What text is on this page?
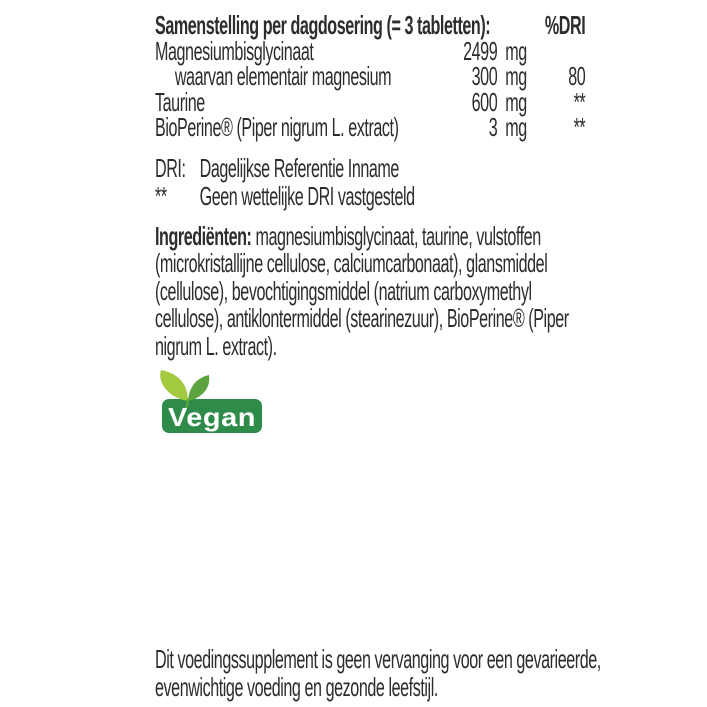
Samenstelling per dagdosering (= 3 tabletten):	%DRI
Magnesiumbisglycinaat	2499 mg
waarvan elementair magnesium	300 mg	80
Taurine	600 mg	**
BioPerine® (Piper nigrum L. extract)	3 mg	**
DRI: Dagelijkse Referentie Inname
**	Geen wettelijke DRI vastgesteld
Ingrediënten: magnesiumbisglycinaat, taurine, vulstoffen (microkristallijne cellulose, calciumcarbonaat), glansmiddel (cellulose), bevochtigingsmiddel (natrium carboxymethyl cellulose), antiklontermiddel (stearinezuur), BioPerine® (Piper nigrum L. extract).
Vegan
Dit voedingssupplement is geen vervanging voor een gevarieerde, evenwichtige voeding en gezonde leefstijl.
